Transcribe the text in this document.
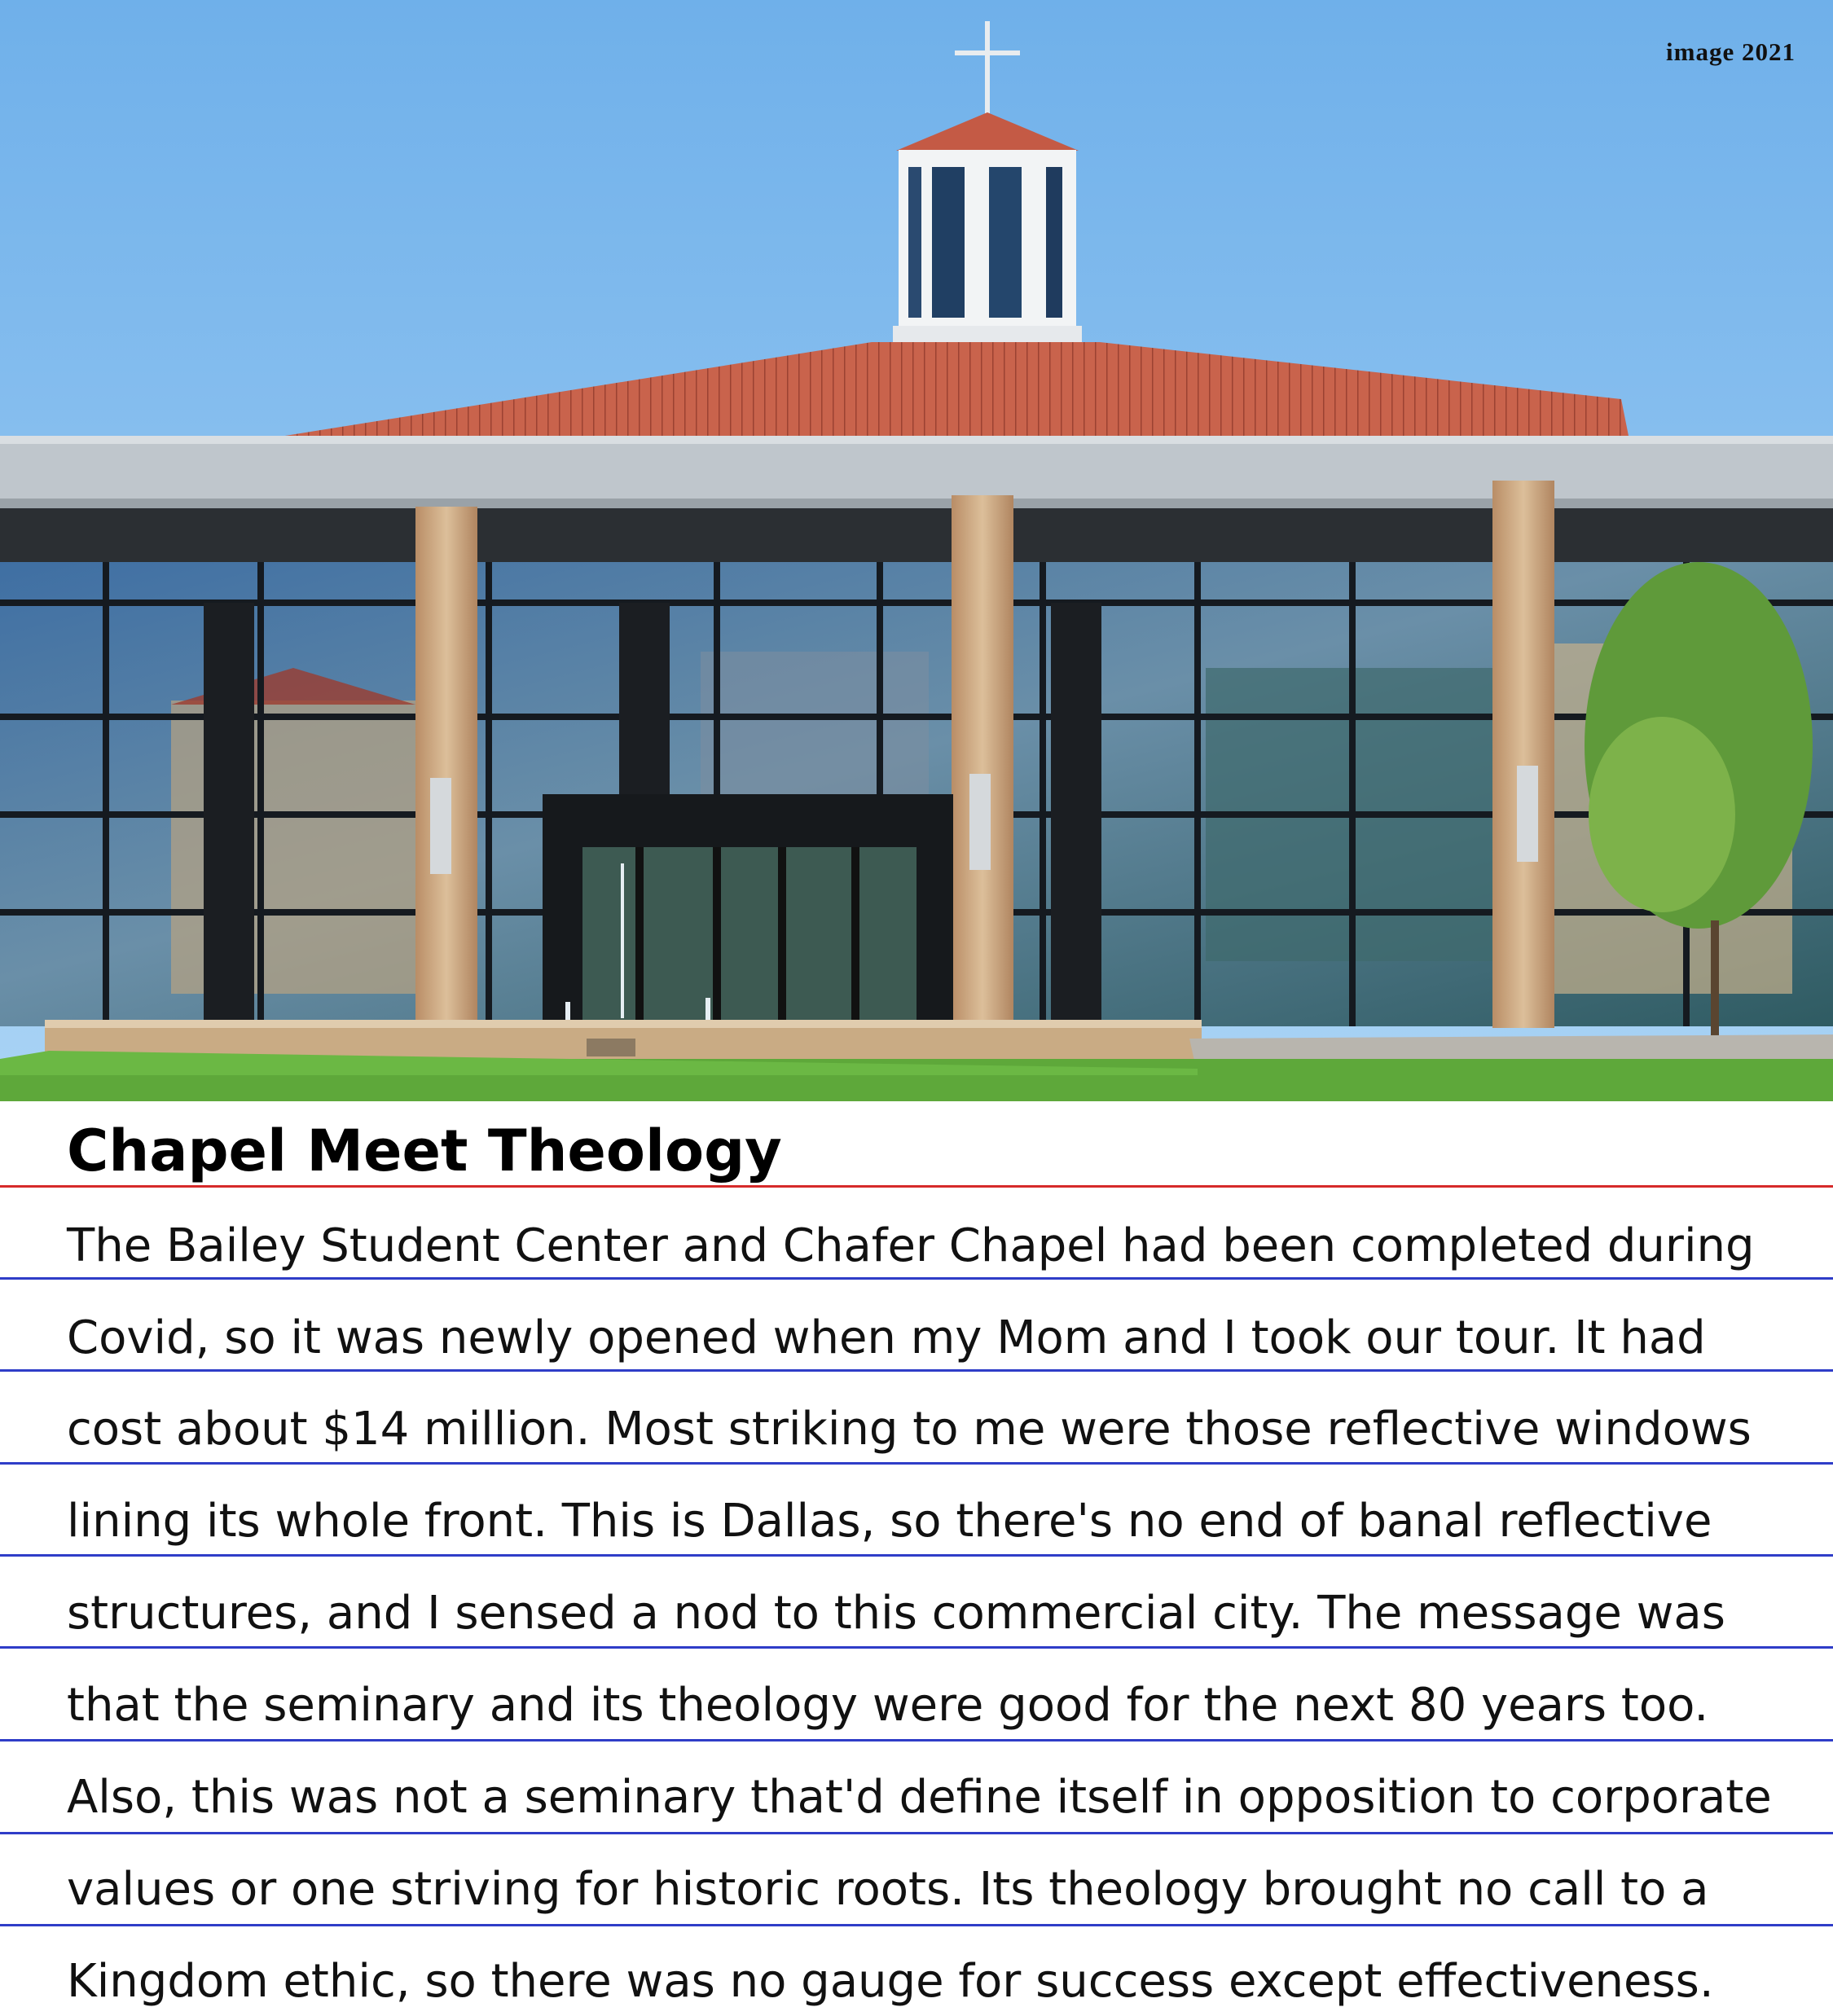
image 2021
Chapel Meet Theology
The Bailey Student Center and Chafer Chapel had been completed during
Covid, so it was newly opened when my Mom and I took our tour. It had
cost about $14 million. Most striking to me were those reflective windows
lining its whole front. This is Dallas, so there's no end of banal reflective
structures, and I sensed a nod to this commercial city. The message was
that the seminary and its theology were good for the next 80 years too.
Also, this was not a seminary that'd define itself in opposition to corporate
values or one striving for historic roots. Its theology brought no call to a
Kingdom ethic, so there was no gauge for success except effectiveness.
